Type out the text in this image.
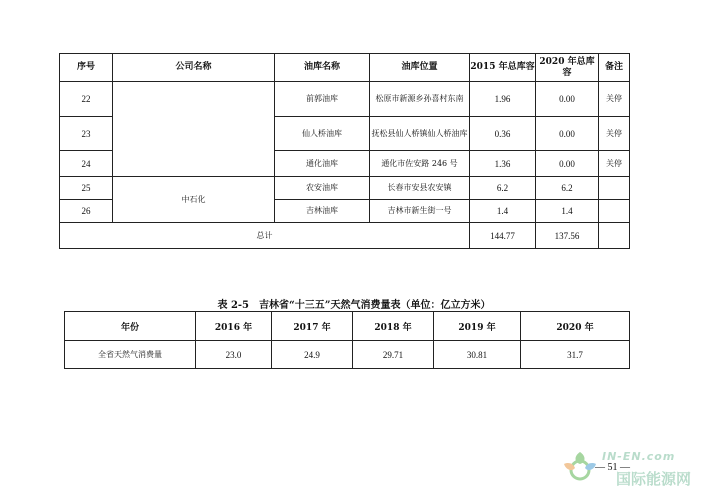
序号	公司名称	油库名称	油库位置	2015 年总库容	2020 年总库容	备注
22		前郭油库	松原市新源乡孙喜村东南	1.96	0.00	关停
23		仙人桥油库	抚松县仙人桥镇仙人桥油库	0.36	0.00	关停
24		通化油库	通化市佐安路 246 号	1.36	0.00	关停
25	中石化	农安油库	长春市安县农安镇	6.2	6.2	
26		吉林油库	吉林市新生街一号	1.4	1.4	
总计				144.77	137.56	

表 2-5　吉林省“十三五”天然气消费量表（单位：亿立方米）

年份	2016 年	2017 年	2018 年	2019 年	2020 年
全省天然气消费量	23.0	24.9	29.71	30.81	31.7
— 51 —
IN-EN.com
国际能源网
